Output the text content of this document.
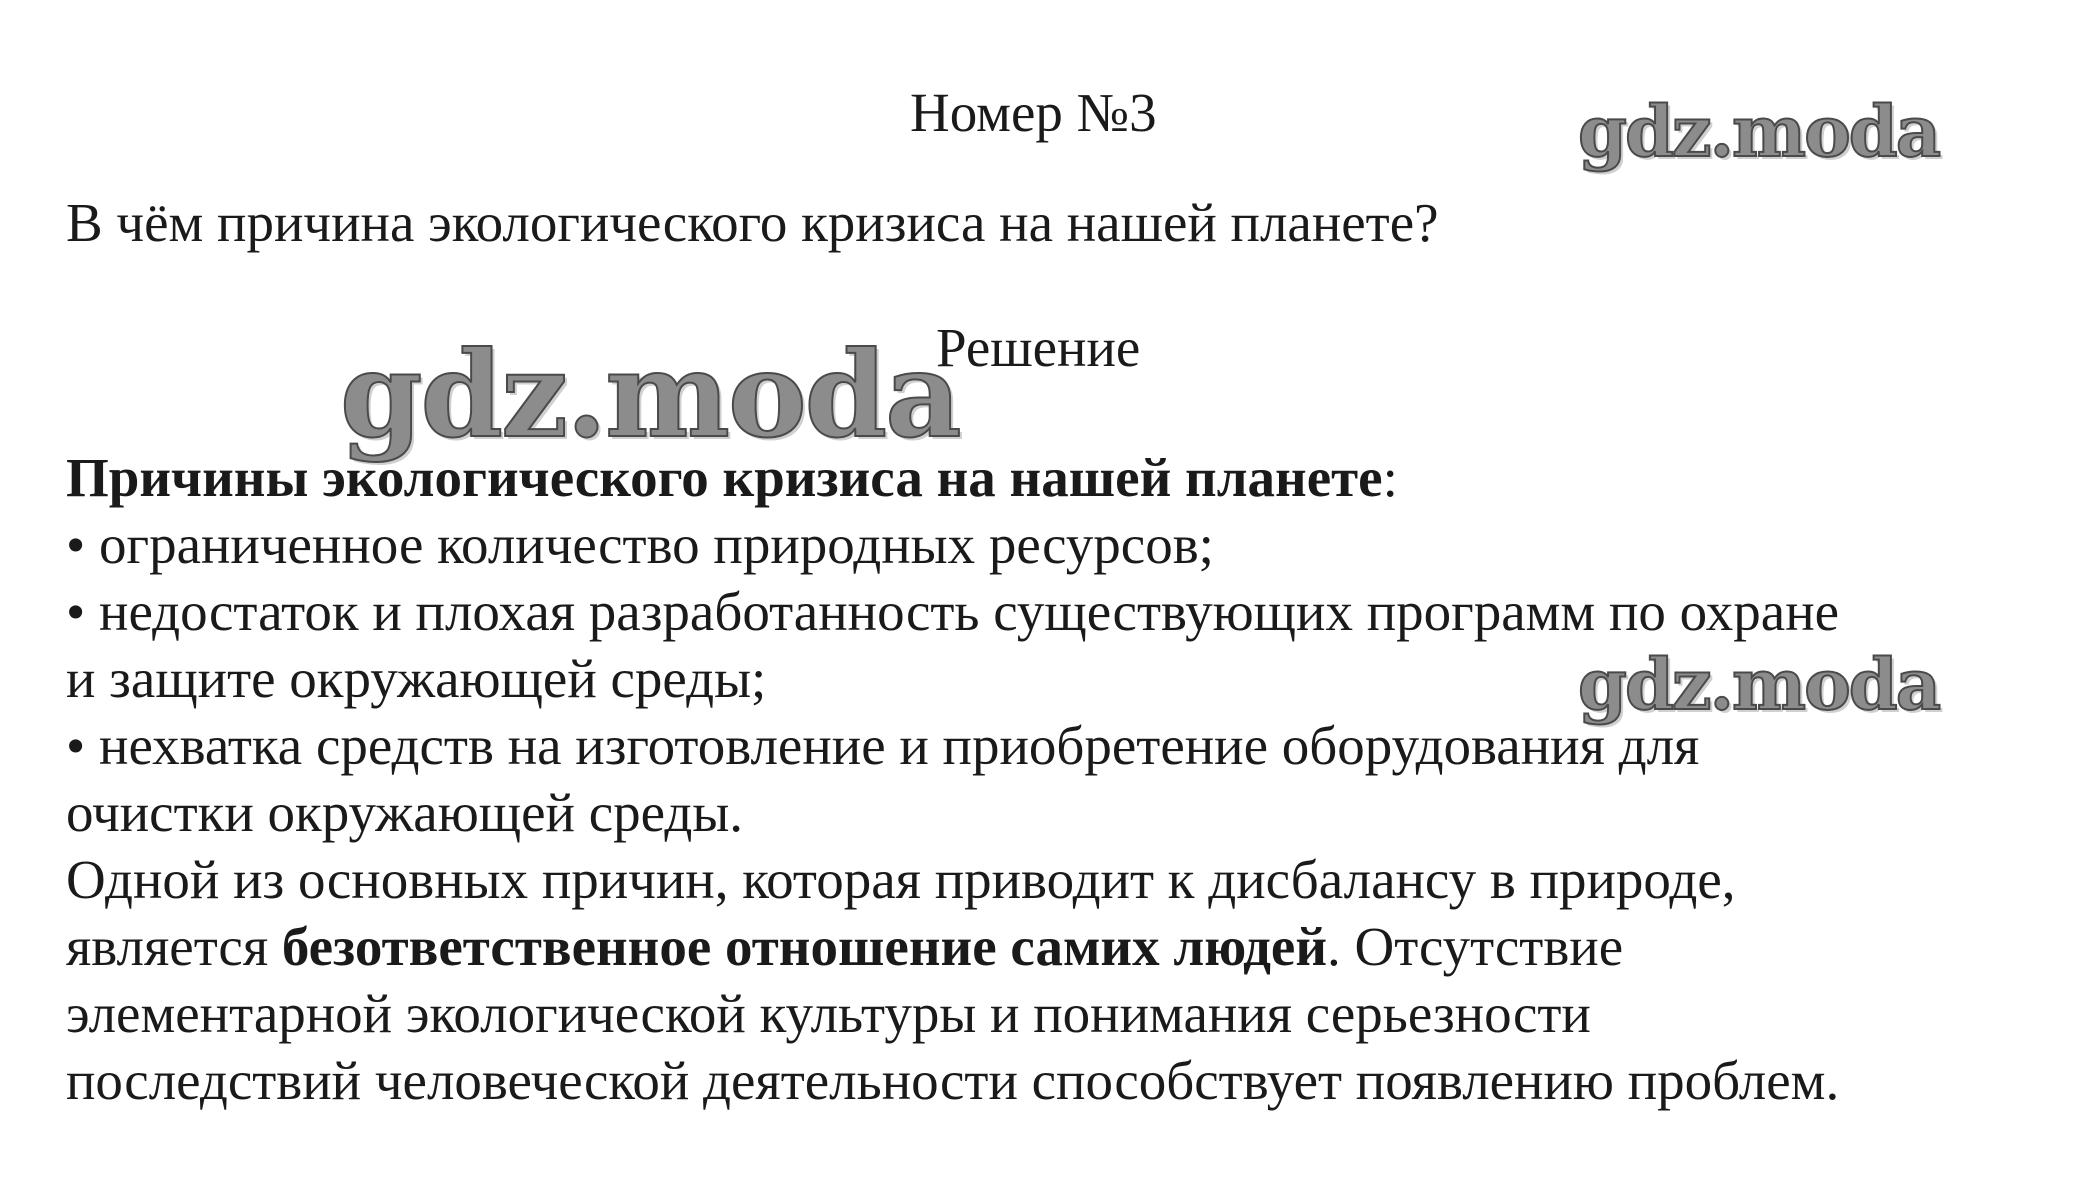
gdz.moda
gdz.moda
gdz.moda

Номер №3

В чём причина экологического кризиса на нашей планете?

Решение

Причины экологического кризиса на нашей планете:

• ограниченное количество природных ресурсов;

• недостаток и плохая разработанность существующих программ по охране

и защите окружающей среды;

• нехватка средств на изготовление и приобретение оборудования для

очистки окружающей среды.

Одной из основных причин, которая приводит к дисбалансу в природе,

является безответственное отношение самих людей. Отсутствие

элементарной экологической культуры и понимания серьезности

последствий человеческой деятельности способствует появлению проблем.
